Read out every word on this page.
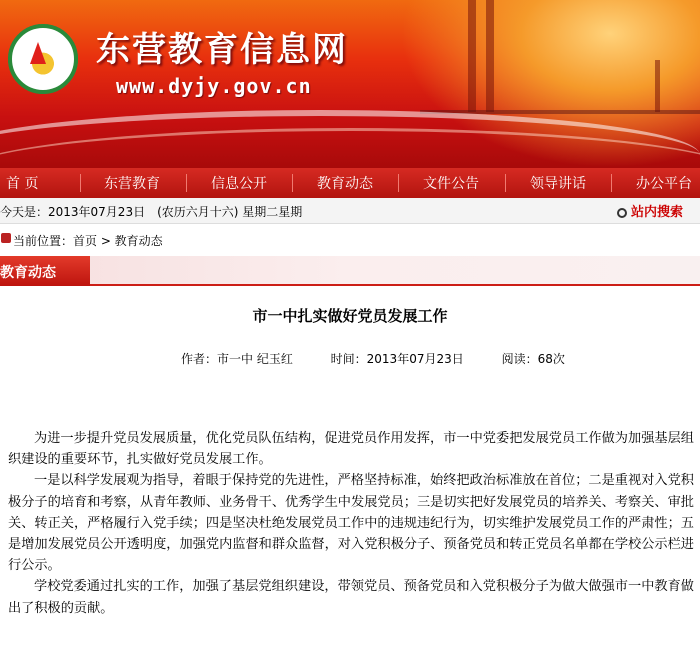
东营教育信息网
www.dyjy.gov.cn
首 页	东营教育	信息公开	教育动态	文件公告	领导讲话	办公平台
今天是：2013年07月23日　(农历六月十六) 星期二星期	站内搜索
当前位置：首页 > 教育动态
教育动态
市一中扎实做好党员发展工作
作者：市一中 纪玉红	时间：2013年07月23日	阅读：68次

为进一步提升党员发展质量，优化党员队伍结构，促进党员作用发挥，市一中党委把发展党员工作做为加强基层组织建设的重要环节，扎实做好党员发展工作。

一是以科学发展观为指导，着眼于保持党的先进性，严格坚持标准，始终把政治标准放在首位；二是重视对入党积极分子的培育和考察，从青年教师、业务骨干、优秀学生中发展党员；三是切实把好发展党员的培养关、考察关、审批关、转正关，严格履行入党手续；四是坚决杜绝发展党员工作中的违规违纪行为，切实维护发展党员工作的严肃性；五是增加发展党员公开透明度，加强党内监督和群众监督，对入党积极分子、预备党员和转正党员名单都在学校公示栏进行公示。

学校党委通过扎实的工作，加强了基层党组织建设，带领党员、预备党员和入党积极分子为做大做强市一中教育做出了积极的贡献。
